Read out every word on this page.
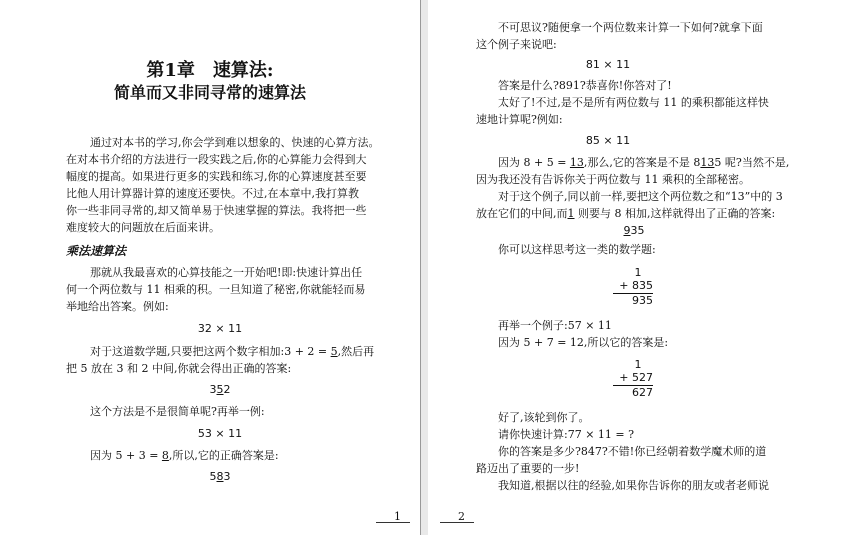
第1章　速算法:
简单而又非同寻常的速算法
通过对本书的学习,你会学到难以想象的、快速的心算方法。
在对本书介绍的方法进行一段实践之后,你的心算能力会得到大
幅度的提高。如果进行更多的实践和练习,你的心算速度甚至要
比他人用计算器计算的速度还要快。不过,在本章中,我打算教
你一些非同寻常的,却又简单易于快速掌握的算法。我将把一些
难度较大的问题放在后面来讲。
乘法速算法
那就从我最喜欢的心算技能之一开始吧!即:快速计算出任
何一个两位数与 11 相乘的积。一旦知道了秘密,你就能轻而易
举地给出答案。例如:
32 × 11
对于这道数学题,只要把这两个数字相加:3 + 2 = 5,然后再
把 5 放在 3 和 2 中间,你就会得出正确的答案:
352
这个方法是不是很简单呢?再举一例:
53 × 11
因为 5 + 3 = 8,所以,它的正确答案是:
583
1
不可思议?随便拿一个两位数来计算一下如何?就拿下面
这个例子来说吧:
81 × 11
答案是什么?891?恭喜你!你答对了!
太好了!不过,是不是所有两位数与 11 的乘积都能这样快
速地计算呢?例如:
85 × 11
因为 8 + 5 = 13,那么,它的答案是不是 8135 呢?当然不是,
因为我还没有告诉你关于两位数与 11 乘积的全部秘密。
对于这个例子,同以前一样,要把这个两位数之和“13”中的 3
放在它们的中间,而1 则要与 8 相加,这样就得出了正确的答案:
935
你可以这样思考这一类的数学题:
1
+ 835
935
再举一个例子:57 × 11
因为 5 + 7 = 12,所以它的答案是:
1
+ 527
627
好了,该轮到你了。
请你快速计算:77 × 11 = ?
你的答案是多少?847?不错!你已经朝着数学魔术师的道
路迈出了重要的一步!
我知道,根据以往的经验,如果你告诉你的朋友或者老师说
2
